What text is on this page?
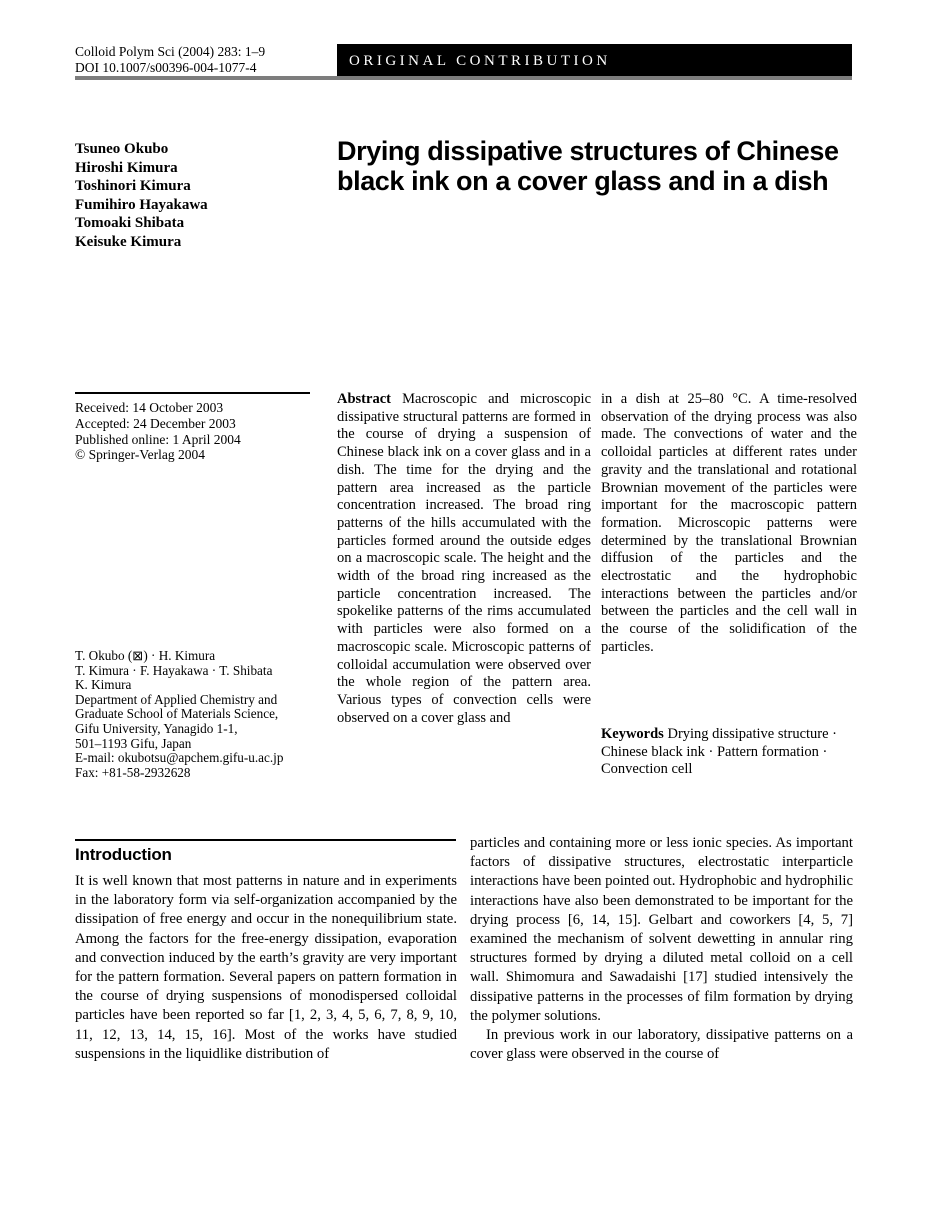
Colloid Polym Sci (2004) 283: 1–9
DOI 10.1007/s00396-004-1077-4	ORIGINAL CONTRIBUTION
Tsuneo Okubo
Hiroshi Kimura
Toshinori Kimura
Fumihiro Hayakawa
Tomoaki Shibata
Keisuke Kimura
Drying dissipative structures of Chinese black ink on a cover glass and in a dish
Received: 14 October 2003
Accepted: 24 December 2003
Published online: 1 April 2004
© Springer-Verlag 2004
T. Okubo (⊠) · H. Kimura
T. Kimura · F. Hayakawa · T. Shibata
K. Kimura
Department of Applied Chemistry and
Graduate School of Materials Science,
Gifu University, Yanagido 1-1,
501–1193 Gifu, Japan
E-mail: okubotsu@apchem.gifu-u.ac.jp
Fax: +81-58-2932628
Abstract Macroscopic and microscopic dissipative structural patterns are formed in the course of drying a suspension of Chinese black ink on a cover glass and in a dish. The time for the drying and the pattern area increased as the particle concentration increased. The broad ring patterns of the hills accumulated with the particles formed around the outside edges on a macroscopic scale. The height and the width of the broad ring increased as the particle concentration increased. The spokelike patterns of the rims accumulated with particles were also formed on a macroscopic scale. Microscopic patterns of colloidal accumulation were observed over the whole region of the pattern area. Various types of convection cells were observed on a cover glass and
in a dish at 25–80 °C. A time-resolved observation of the drying process was also made. The convections of water and the colloidal particles at different rates under gravity and the translational and rotational Brownian movement of the particles were important for the macroscopic pattern formation. Microscopic patterns were determined by the translational Brownian diffusion of the particles and the electrostatic and the hydrophobic interactions between the particles and/or between the particles and the cell wall in the course of the solidification of the particles.
Keywords Drying dissipative structure · Chinese black ink · Pattern formation · Convection cell
Introduction
It is well known that most patterns in nature and in experiments in the laboratory form via self-organization accompanied by the dissipation of free energy and occur in the nonequilibrium state. Among the factors for the free-energy dissipation, evaporation and convection induced by the earth’s gravity are very important for the pattern formation. Several papers on pattern formation in the course of drying suspensions of monodispersed colloidal particles have been reported so far [1, 2, 3, 4, 5, 6, 7, 8, 9, 10, 11, 12, 13, 14, 15, 16]. Most of the works have studied suspensions in the liquidlike distribution of

particles and containing more or less ionic species. As important factors of dissipative structures, electrostatic interparticle interactions have been pointed out. Hydrophobic and hydrophilic interactions have also been demonstrated to be important for the drying process [6, 14, 15]. Gelbart and coworkers [4, 5, 7] examined the mechanism of solvent dewetting in annular ring structures formed by drying a diluted metal colloid on a cell wall. Shimomura and Sawadaishi [17] studied intensively the dissipative patterns in the processes of film formation by drying the polymer solutions.

In previous work in our laboratory, dissipative patterns on a cover glass were observed in the course of
